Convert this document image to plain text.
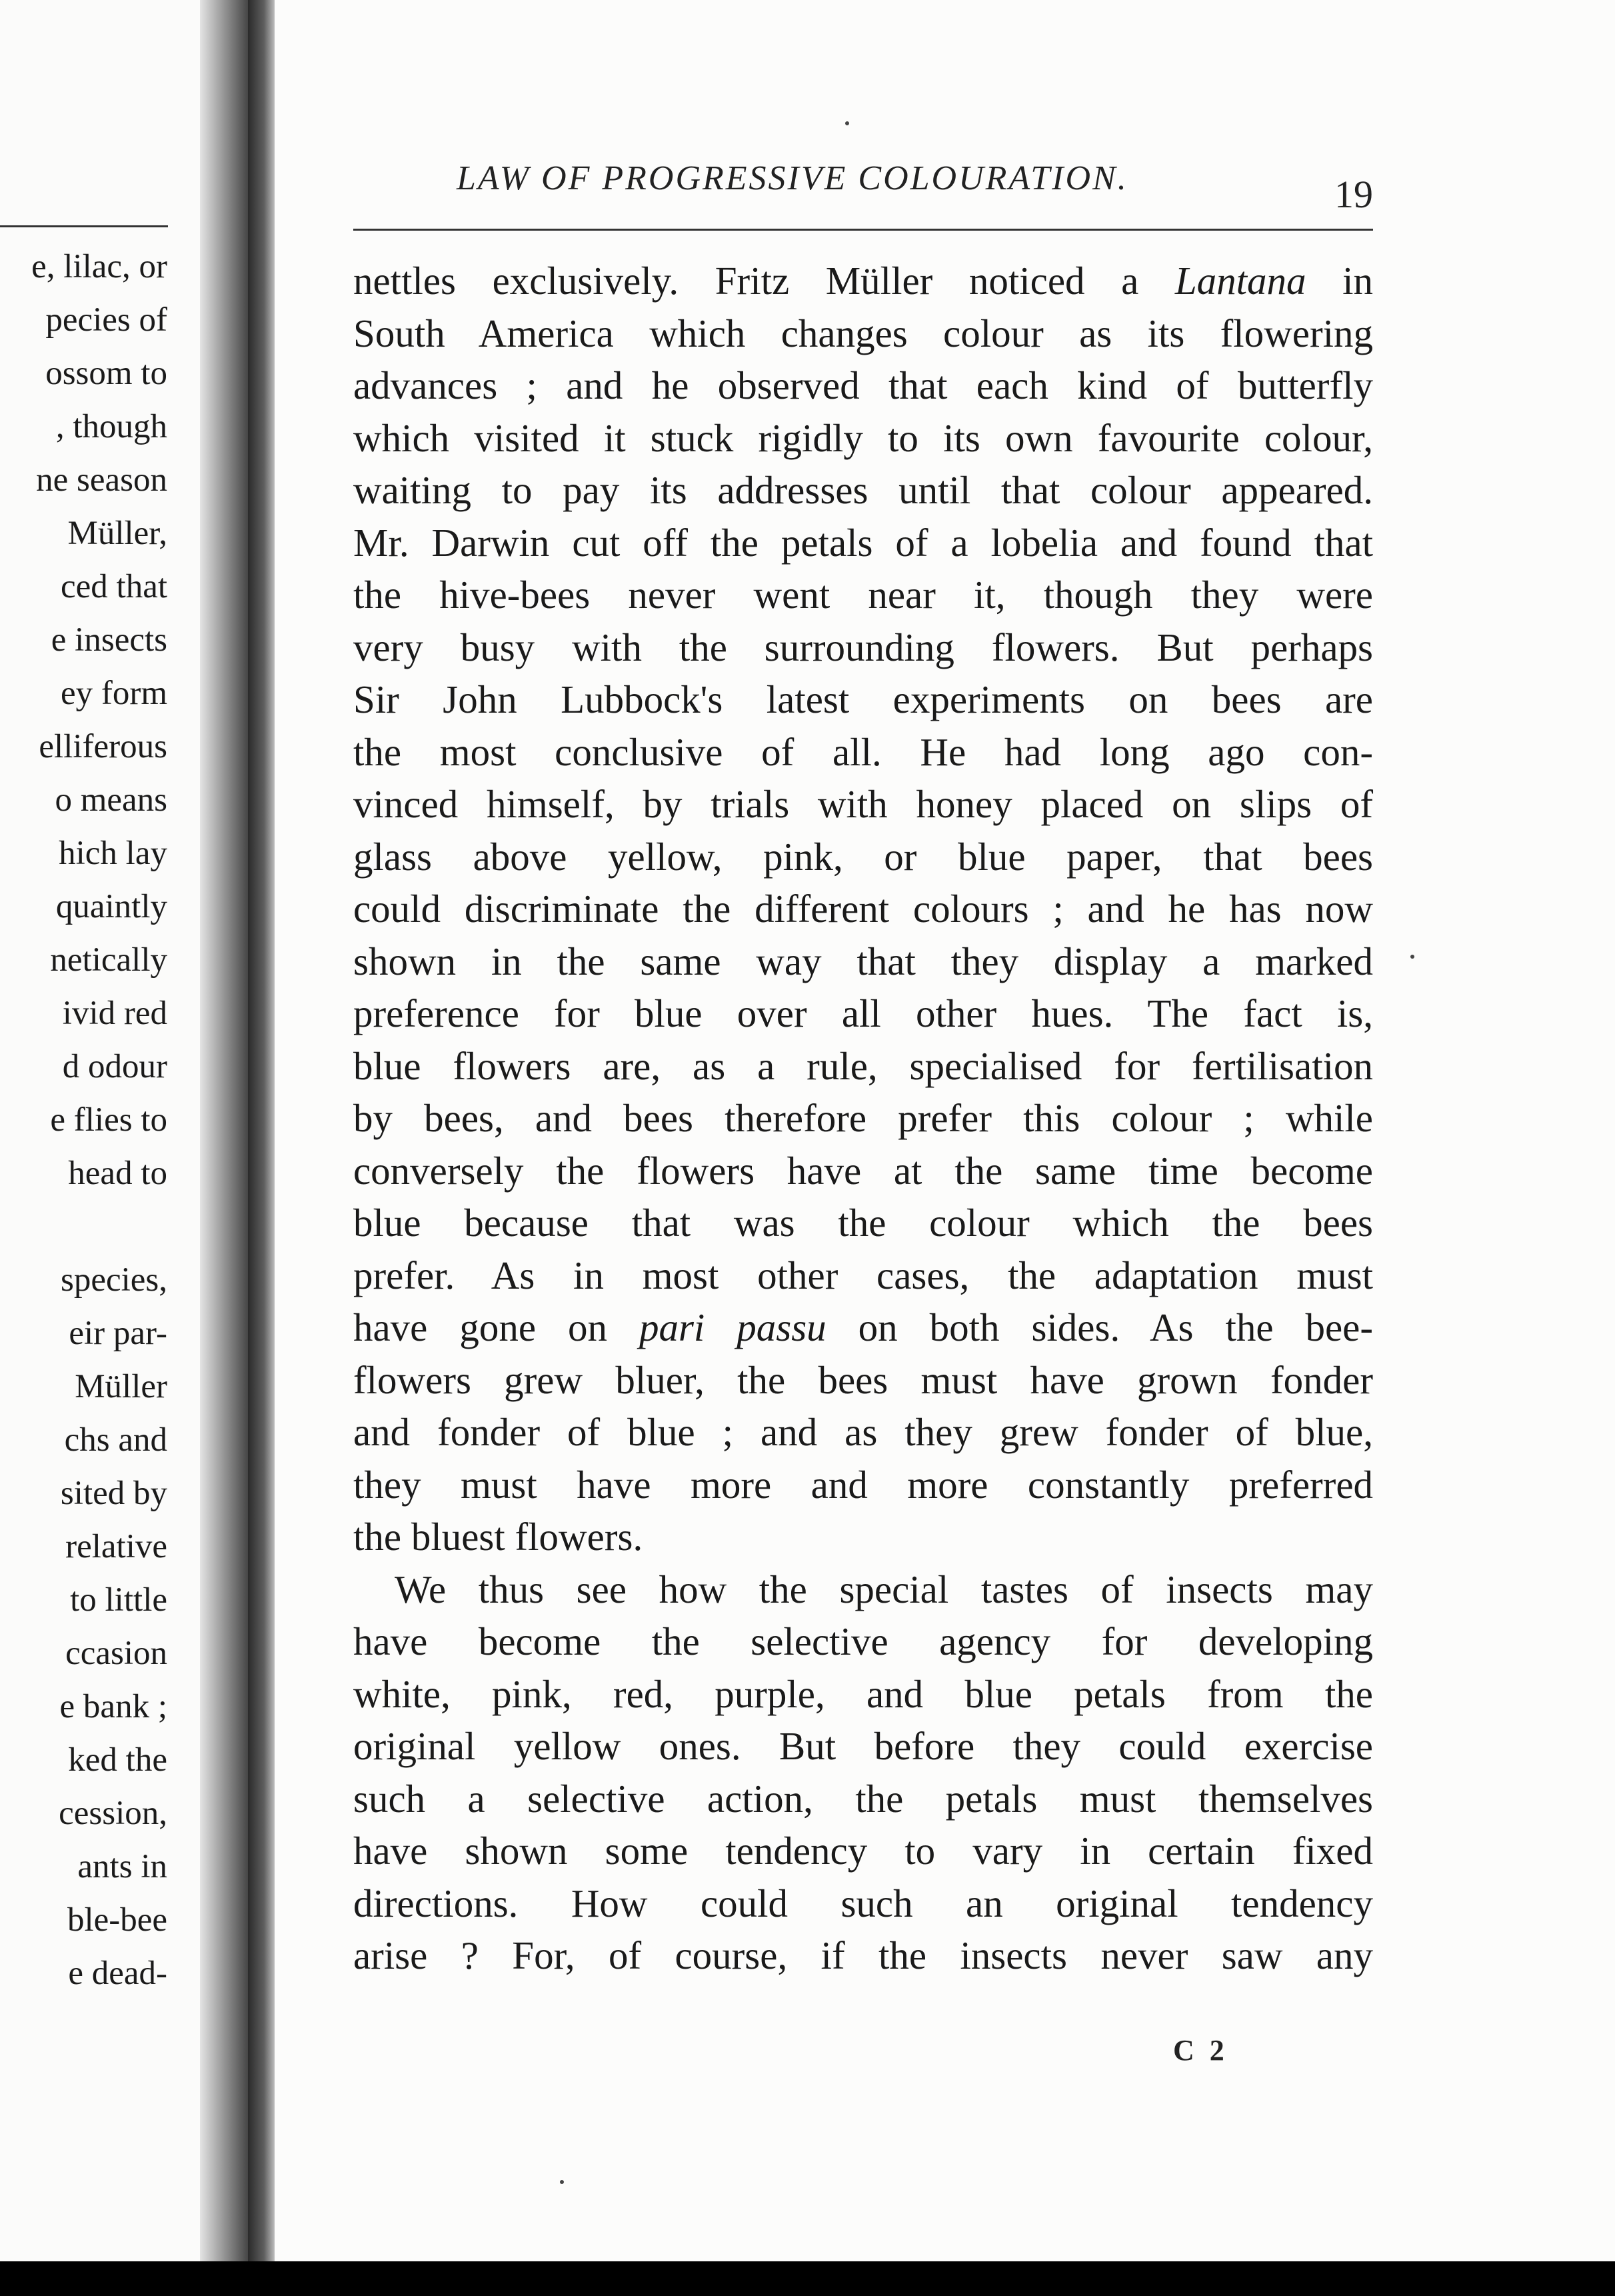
e, lilac, or
pecies of
ossom to
, though
ne season
Müller,
ced that
e insects
ey form
elliferous
o means
hich lay
quaintly
netically
ivid red
d odour
e flies to
head to
species,
eir par-
Müller
chs and
sited by
relative
to little
ccasion
e bank ;
ked the
cession,
ants in
ble-bee
e dead-
LAW OF PROGRESSIVE COLOURATION.	19
nettles exclusively. Fritz Müller noticed a Lantana in
South America which changes colour as its flowering
advances ; and he observed that each kind of butterfly
which visited it stuck rigidly to its own favourite colour,
waiting to pay its addresses until that colour appeared.
Mr. Darwin cut off the petals of a lobelia and found that
the hive-bees never went near it, though they were
very busy with the surrounding flowers. But perhaps
Sir John Lubbock's latest experiments on bees are
the most conclusive of all. He had long ago con-
vinced himself, by trials with honey placed on slips of
glass above yellow, pink, or blue paper, that bees
could discriminate the different colours ; and he has now
shown in the same way that they display a marked
preference for blue over all other hues. The fact is,
blue flowers are, as a rule, specialised for fertilisation
by bees, and bees therefore prefer this colour ; while
conversely the flowers have at the same time become
blue because that was the colour which the bees
prefer. As in most other cases, the adaptation must
have gone on pari passu on both sides. As the bee-
flowers grew bluer, the bees must have grown fonder
and fonder of blue ; and as they grew fonder of blue,
they must have more and more constantly preferred
the bluest flowers.
We thus see how the special tastes of insects may
have become the selective agency for developing
white, pink, red, purple, and blue petals from the
original yellow ones. But before they could exercise
such a selective action, the petals must themselves
have shown some tendency to vary in certain fixed
directions. How could such an original tendency
arise ? For, of course, if the insects never saw any
C 2
